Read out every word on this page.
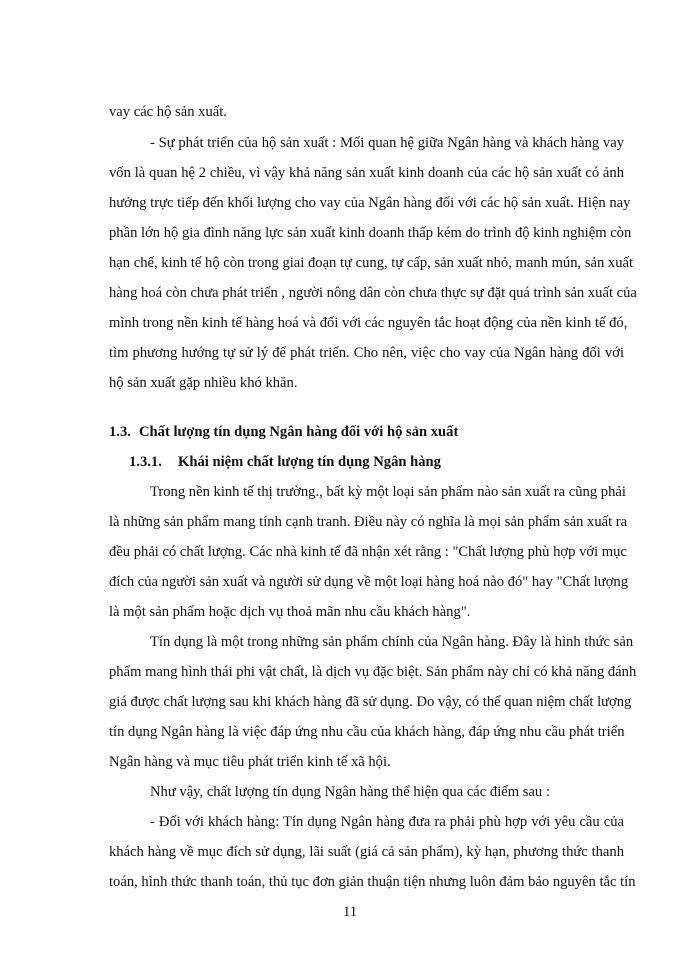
vay các hộ sản xuất.
- Sự phát triển của hộ sản xuất : Mối quan hệ giữa Ngân hàng và khách hàng vay
vốn là quan hệ 2 chiều, vì vậy khả năng sản xuất kinh doanh của các hộ sản xuất có ảnh
hưởng trực tiếp đến khối lượng cho vay của Ngân hàng đối với các hộ sản xuất. Hiện nay
phần lớn hộ gia đình năng lực sản xuất kinh doanh thấp kém do trình độ kinh nghiệm còn
hạn chế, kinh tế hộ còn trong giai đoạn tự cung, tự cấp, sản xuất nhỏ, manh mún, sản xuất
hàng hoá còn chưa phát triển , người nông dân còn chưa thực sự đặt quá trình sản xuất của
mình trong nền kinh tế hàng hoá và đối với các nguyên tắc hoạt động của nền kinh tế đó,
tìm phương hướng tự sử lý để phát triển. Cho nên, việc cho vay của Ngân hàng đối với
hộ sản xuất gặp nhiều khó khăn.
1.3. Chất lượng tín dụng Ngân hàng đối với hộ sản xuất
1.3.1. Khái niệm chất lượng tín dụng Ngân hàng
Trong nền kinh tế thị trường., bất kỳ một loại sản phẩm nào sản xuất ra cũng phải
là những sản phẩm mang tính cạnh tranh. Điều này có nghĩa là mọi sản phẩm sản xuất ra
đều phải có chất lượng. Các nhà kinh tế đã nhận xét rằng : "Chất lượng phù hợp với mục
đích của người sản xuất và người sử dụng về một loại hàng hoá nào đó" hay "Chất lượng
là một sản phẩm hoặc dịch vụ thoả mãn nhu cầu khách hàng".
Tín dụng là một trong những sản phẩm chính của Ngân hàng. Đây là hình thức sản
phẩm mang hình thái phi vật chất, là dịch vụ đặc biệt. Sản phẩm này chỉ có khả năng đánh
giá được chất lượng sau khi khách hàng đã sử dụng. Do vậy, có thể quan niệm chất lượng
tín dụng Ngân hàng là việc đáp ứng nhu cầu của khách hàng, đáp ứng nhu cầu phát triển
Ngân hàng và mục tiêu phát triển kinh tế xã hội.
Như vậy, chất lượng tín dụng Ngân hàng thể hiện qua các điểm sau :
- Đối với khách hàng: Tín dụng Ngân hàng đưa ra phải phù hợp với yêu cầu của
khách hàng về mục đích sử dụng, lãi suất (giá cả sản phẩm), kỳ hạn, phương thức thanh
toán, hình thức thanh toán, thủ tục đơn giản thuận tiện nhưng luôn đảm bảo nguyên tắc tín
11
